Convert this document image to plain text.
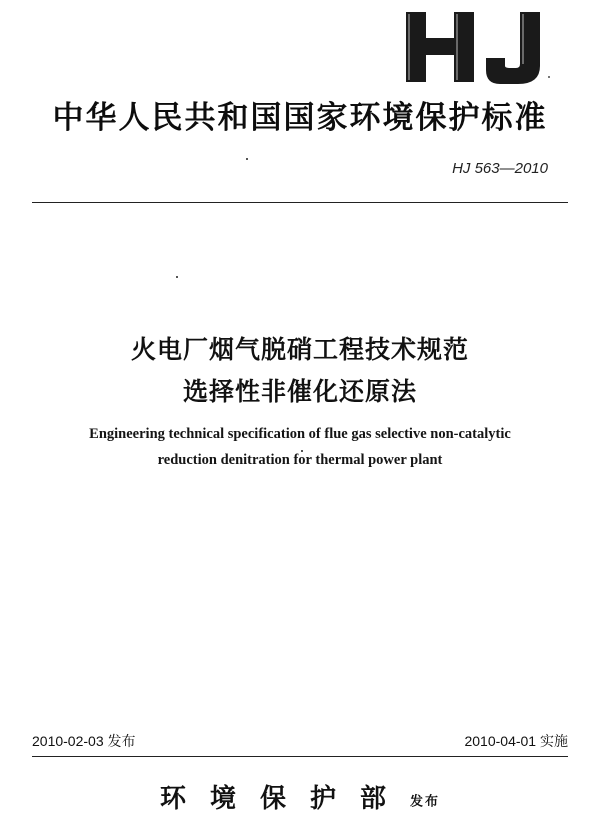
中华人民共和国国家环境保护标准
HJ 563—2010
火电厂烟气脱硝工程技术规范
选择性非催化还原法
Engineering technical specification of flue gas selective non-catalytic
reduction denitration for thermal power plant
2010-02-03 发布	2010-04-01 实施
环境保护部发布
